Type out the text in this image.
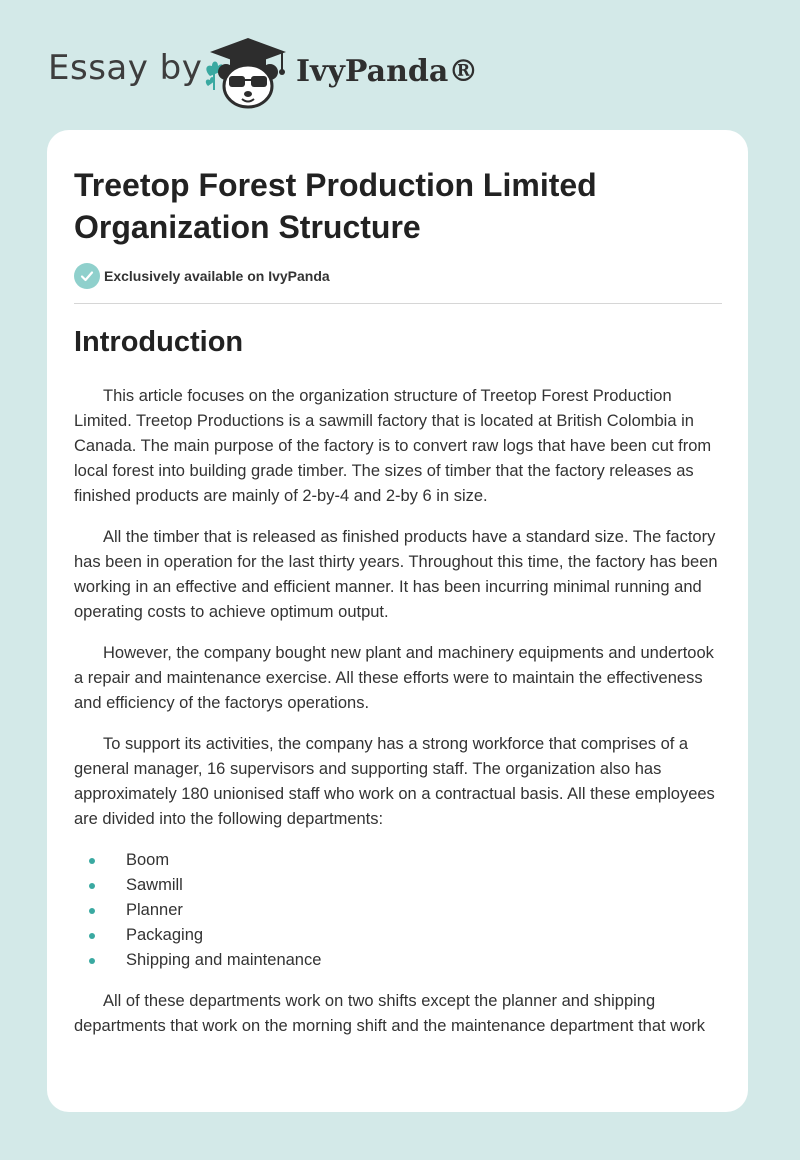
Essay by	IvyPanda®
Treetop Forest Production Limited Organization Structure
Exclusively available on IvyPanda
Introduction

This article focuses on the organization structure of Treetop Forest Production Limited. Treetop Productions is a sawmill factory that is located at British Colombia in Canada. The main purpose of the factory is to convert raw logs that have been cut from local forest into building grade timber. The sizes of timber that the factory releases as finished products are mainly of 2-by-4 and 2-by 6 in size.

All the timber that is released as finished products have a standard size. The factory has been in operation for the last thirty years. Throughout this time, the factory has been working in an effective and efficient manner. It has been incurring minimal running and operating costs to achieve optimum output.

However, the company bought new plant and machinery equipments and undertook a repair and maintenance exercise. All these efforts were to maintain the effectiveness and efficiency of the factorys operations.

To support its activities, the company has a strong workforce that comprises of a general manager, 16 supervisors and supporting staff. The organization also has approximately 180 unionised staff who work on a contractual basis. All these employees are divided into the following departments:

Boom
Sawmill
Planner
Packaging
Shipping and maintenance

All of these departments work on two shifts except the planner and shipping departments that work on the morning shift and the maintenance department that work
